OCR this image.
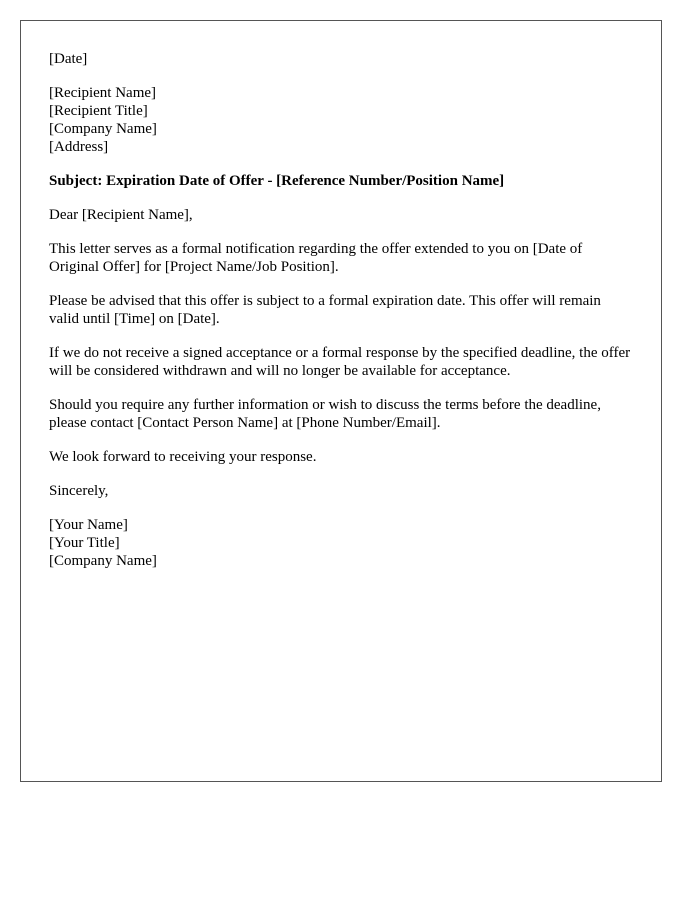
[Date]
[Recipient Name]
[Recipient Title]
[Company Name]
[Address]
Subject: Expiration Date of Offer - [Reference Number/Position Name]
Dear [Recipient Name],

This letter serves as a formal notification regarding the offer extended to you on [Date of Original Offer] for [Project Name/Job Position].

Please be advised that this offer is subject to a formal expiration date. This offer will remain valid until [Time] on [Date].

If we do not receive a signed acceptance or a formal response by the specified deadline, the offer will be considered withdrawn and will no longer be available for acceptance.

Should you require any further information or wish to discuss the terms before the deadline, please contact [Contact Person Name] at [Phone Number/Email].

We look forward to receiving your response.

Sincerely,
[Your Name]
[Your Title]
[Company Name]
